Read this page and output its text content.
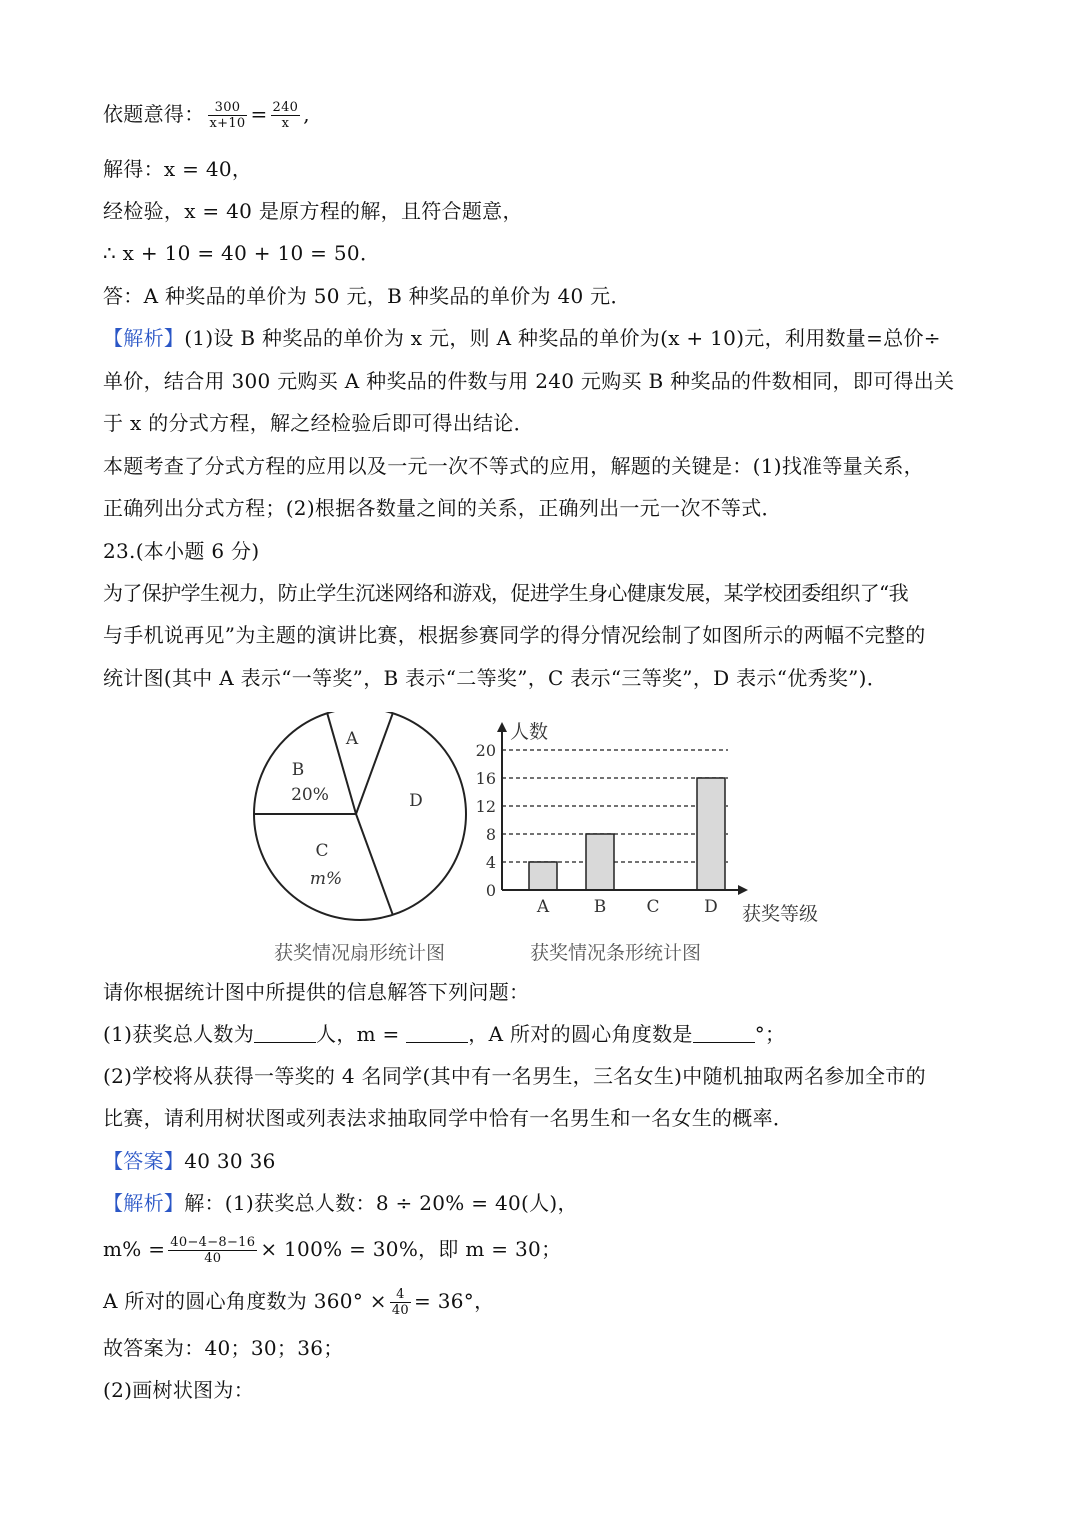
依题意得： $\frac{300}{x+10} = \frac{240}{x}$ ,
解得：x = 40，
经检验，x = 40 是原方程的解，且符合题意，
∴ x + 10 = 40 + 10 = 50．
答：A 种奖品的单价为 50 元，B 种奖品的单价为 40 元．
【解析】(1)设 B 种奖品的单价为 x 元，则 A 种奖品的单价为(x + 10)元，利用数量=总价÷
单价，结合用 300 元购买 A 种奖品的件数与用 240 元购买 B 种奖品的件数相同，即可得出关
于 x 的分式方程，解之经检验后即可得出结论．
本题考查了分式方程的应用以及一元一次不等式的应用，解题的关键是：(1)找准等量关系，
正确列出分式方程；(2)根据各数量之间的关系，正确列出一元一次不等式．
23.(本小题 6 分)
为了保护学生视力，防止学生沉迷网络和游戏，促进学生身心健康发展，某学校团委组织了“我
与手机说再见”为主题的演讲比赛，根据参赛同学的得分情况绘制了如图所示的两幅不完整的
统计图(其中 A 表示“一等奖”，B 表示“二等奖”，C 表示“三等奖”，D 表示“优秀奖”)．
请你根据统计图中所提供的信息解答下列问题：
(1)获奖总人数为	人，m =	，A 所对的圆心角度数是	°；
(2)学校将从获得一等奖的 4 名同学(其中有一名男生，三名女生)中随机抽取两名参加全市的
比赛，请利用树状图或列表法求抽取同学中恰有一名男生和一名女生的概率．
【答案】40 30 36
【解析】解：(1)获奖总人数：8 ÷ 20% = 40(人)，
$m\% = \frac{40-4-8-16}{40} \times 100\% = 30\%$，即 m = 30；
A 所对的圆心角度数为 $360^\circ \times \frac{4}{40} = 36^\circ$，
故答案为：40；30；36；
(2)画树状图为：
A
B
20%	D
C
m%
0
4
8
12
16
20
A	B C	D
人数
获奖等级
获奖情况扇形统计图	获奖情况条形统计图
